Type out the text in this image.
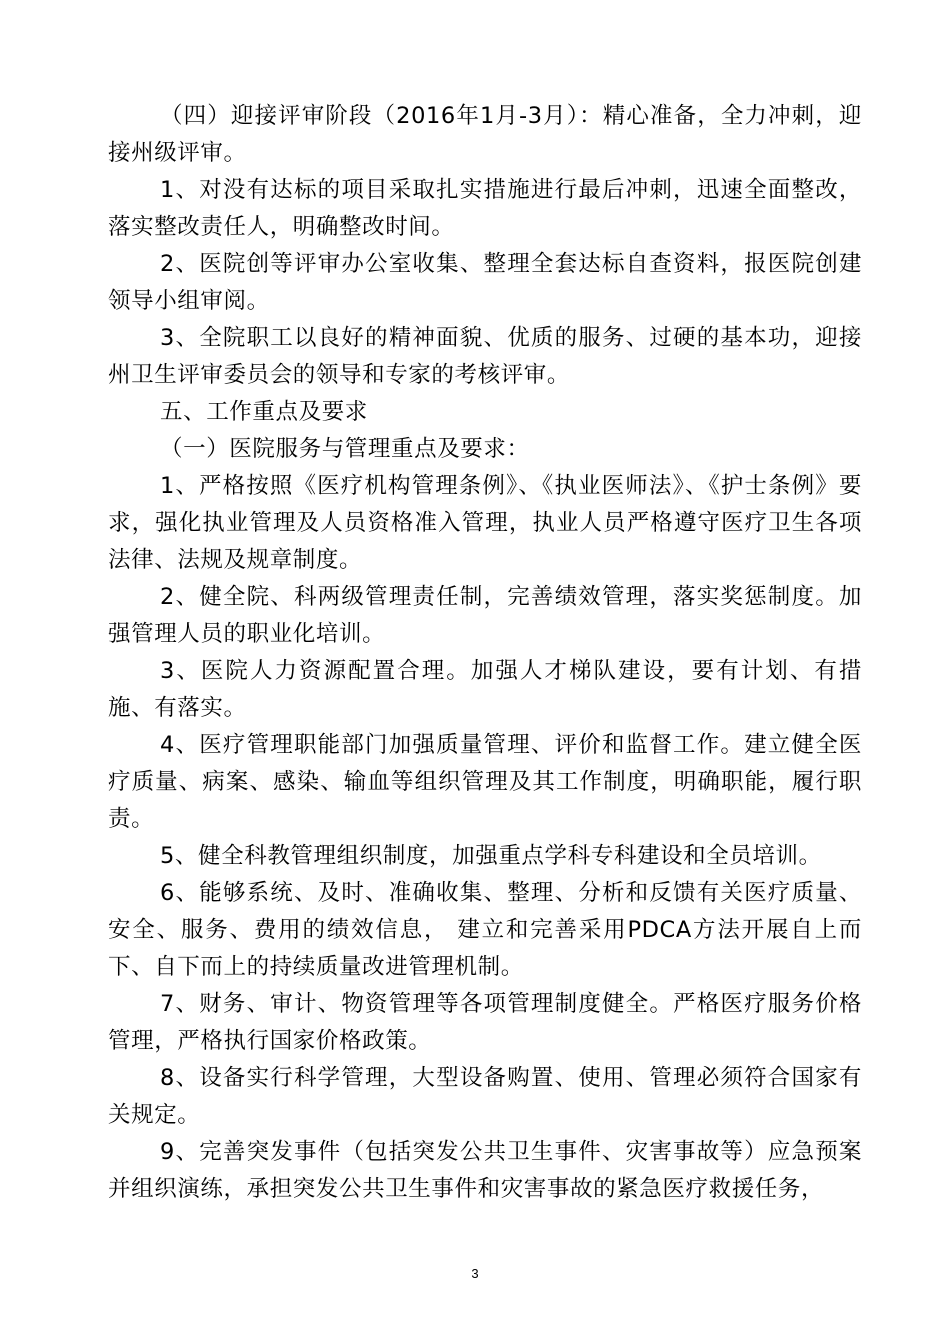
（四）迎接评审阶段（2016年1月-3月）：精心准备，全力冲刺，迎接州级评审。

1、对没有达标的项目采取扎实措施进行最后冲刺，迅速全面整改，落实整改责任人，明确整改时间。

2、医院创等评审办公室收集、整理全套达标自查资料，报医院创建领导小组审阅。

3、全院职工以良好的精神面貌、优质的服务、过硬的基本功，迎接州卫生评审委员会的领导和专家的考核评审。

五、工作重点及要求

（一）医院服务与管理重点及要求：

1、严格按照《医疗机构管理条例》、《执业医师法》、《护士条例》要求，强化执业管理及人员资格准入管理，执业人员严格遵守医疗卫生各项法律、法规及规章制度。

2、健全院、科两级管理责任制，完善绩效管理，落实奖惩制度。加强管理人员的职业化培训。

3、医院人力资源配置合理。加强人才梯队建设，要有计划、有措施、有落实。

4、医疗管理职能部门加强质量管理、评价和监督工作。建立健全医疗质量、病案、感染、输血等组织管理及其工作制度，明确职能，履行职责。

5、健全科教管理组织制度，加强重点学科专科建设和全员培训。

6、能够系统、及时、准确收集、整理、分析和反馈有关医疗质量、安全、服务、费用的绩效信息， 建立和完善采用PDCA方法开展自上而下、自下而上的持续质量改进管理机制。

7、财务、审计、物资管理等各项管理制度健全。严格医疗服务价格管理，严格执行国家价格政策。

8、设备实行科学管理，大型设备购置、使用、管理必须符合国家有关规定。

9、完善突发事件（包括突发公共卫生事件、灾害事故等）应急预案并组织演练，承担突发公共卫生事件和灾害事故的紧急医疗救援任务，

3
